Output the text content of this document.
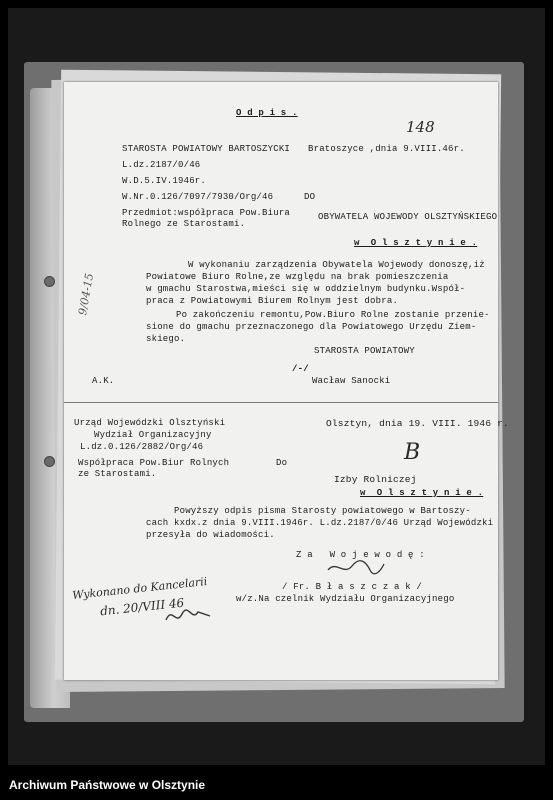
O d p i s .
148
STAROSTA POWIATOWY BARTOSZYCKI Bratoszyce ,dnia 9.VIII.46r.
L.dz.2187/0/46
W.D.5.IV.1946r.
W.Nr.0.126/7097/7930/Org/46	DO
Przedmiot:współpraca Pow.Biura
Rolnego ze Starostami.
OBYWATELA WOJEWODY OLSZTYŃSKIEGO
w  O l s z t y n i e .
W wykonaniu zarządzenia Obywatela Wojewody donoszę,iż
Powiatowe Biuro Rolne,ze względu na brak pomieszczenia
w gmachu Starostwa,mieści się w oddzielnym budynku.Współ-
praca z Powiatowymi Biurem Rolnym jest dobra.
Po zakończeniu remontu,Pow.Biuro Rolne zostanie przenie-
sione do gmachu przeznaczonego dla Powiatowego Urzędu Ziem-
skiego.
STAROSTA POWIATOWY
/-/
A.K.	Wacław Sanocki
9/04-15
Urząd Wojewódzki Olsztyński
Wydział Organizacyjny
L.dz.0.126/2882/Org/46
Olsztyn, dnia 19. VIII. 1946 r.
B
Do
Współpraca Pow.Biur Rolnych
ze Starostami.	Izby Rolniczej
w  O l s z t y n i e .
Powyższy odpis pisma Starosty powiatowego w Bartoszy-
cach kxdx.z dnia 9.VIII.1946r. L.dz.2187/0/46 Urząd Wojewódzki
przesyła do wiadomości.
Z a   W o j e w o d ę :
/ Fr. B ł a s z c z a k /
w/z.Na czelnik Wydziału Organizacyjnego
Wykonano do Kancelarii
dn. 20/VIII 46
Archiwum Państwowe w Olsztynie
